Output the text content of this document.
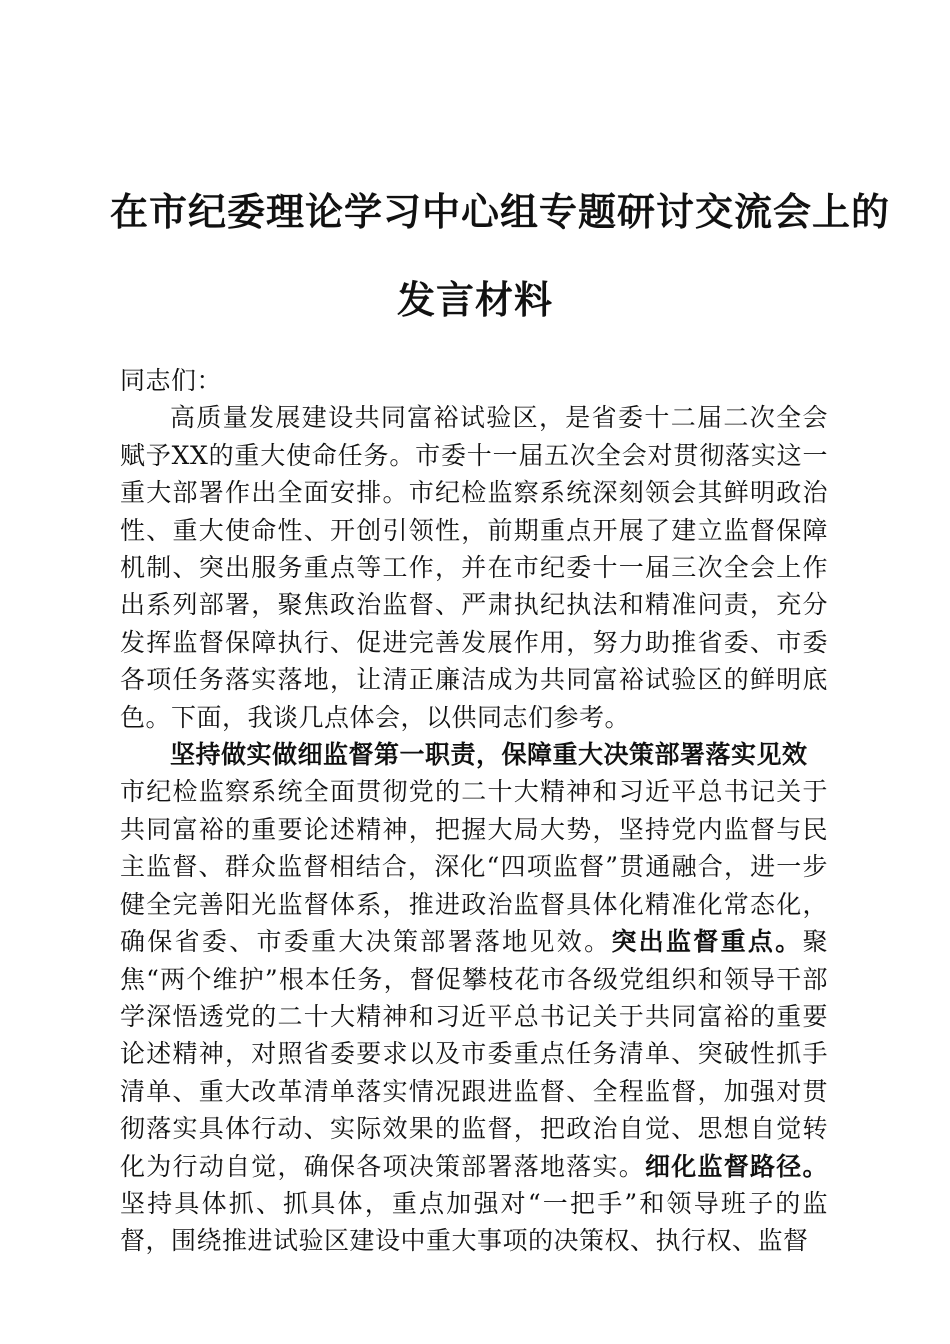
在市纪委理论学习中心组专题研讨交流会上的
发言材料

同志们：

高质量发展建设共同富裕试验区，是省委十二届二次全会赋予XX的重大使命任务。市委十一届五次全会对贯彻落实这一重大部署作出全面安排。市纪检监察系统深刻领会其鲜明政治性、重大使命性、开创引领性，前期重点开展了建立监督保障机制、突出服务重点等工作，并在市纪委十一届三次全会上作出系列部署，聚焦政治监督、严肃执纪执法和精准问责，充分发挥监督保障执行、促进完善发展作用，努力助推省委、市委各项任务落实落地，让清正廉洁成为共同富裕试验区的鲜明底色。下面，我谈几点体会，以供同志们参考。

坚持做实做细监督第一职责，保障重大决策部署落实见效

市纪检监察系统全面贯彻党的二十大精神和习近平总书记关于共同富裕的重要论述精神，把握大局大势，坚持党内监督与民主监督、群众监督相结合，深化“四项监督”贯通融合，进一步健全完善阳光监督体系，推进政治监督具体化精准化常态化，确保省委、市委重大决策部署落地见效。突出监督重点。聚焦“两个维护”根本任务，督促攀枝花市各级党组织和领导干部学深悟透党的二十大精神和习近平总书记关于共同富裕的重要论述精神，对照省委要求以及市委重点任务清单、突破性抓手清单、重大改革清单落实情况跟进监督、全程监督，加强对贯彻落实具体行动、实际效果的监督，把政治自觉、思想自觉转化为行动自觉，确保各项决策部署落地落实。细化监督路径。坚持具体抓、抓具体，重点加强对“一把手”和领导班子的监督，围绕推进试验区建设中重大事项的决策权、执行权、监督
